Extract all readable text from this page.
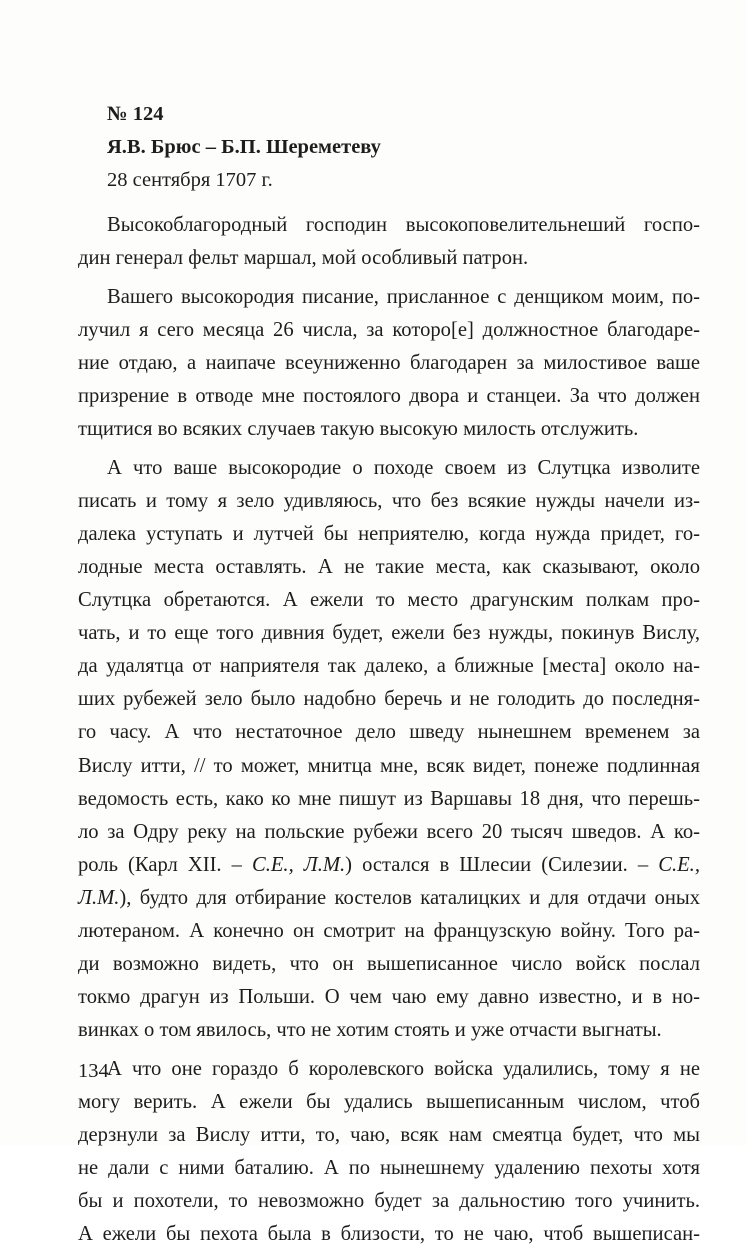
№ 124

Я.В. Брюс – Б.П. Шереметеву

28 сентября 1707 г.

Высокоблагородный господин высокоповелительнеший госпо-
дин генерал фельт маршал, мой особливый патрон.
Вашего высокородия писание, присланное с денщиком моим, по-
лучил я сего месяца 26 числа, за которо[е] должностное благодаре-
ние отдаю, а наипаче всеуниженно благодарен за милостивое ваше
призрение в отводе мне постоялого двора и станцеи. За что должен
тщитися во всяких случаев такую высокую милость отслужить.
А что ваше высокородие о походе своем из Слутцка изволите
писать и тому я зело удивляюсь, что без всякие нужды начели из-
далека уступать и лутчей бы неприятелю, когда нужда придет, го-
лодные места оставлять. А не такие места, как сказывают, около
Слутцка обретаются. А ежели то место драгунским полкам про-
чать, и то еще того дивния будет, ежели без нужды, покинув Вислу,
да удалятца от наприятеля так далеко, а ближные [места] около на-
ших рубежей зело было надобно беречь и не голодить до последня-
го часу. А что нестаточное дело шведу нынешнем временем за
Вислу итти, // то может, мнитца мне, всяк видет, понеже подлинная
ведомость есть, како ко мне пишут из Варшавы 18 дня, что перешь-
ло за Одру реку на польские рубежи всего 20 тысяч шведов. А ко-
роль (Карл XII. – С.Е., Л.М.) остался в Шлесии (Силезии. – С.Е.,
Л.М.), будто для отбирание костелов каталицких и для отдачи оных
лютераном. А конечно он смотрит на французскую войну. Того ра-
ди возможно видеть, что он вышеписанное число войск послал
токмо драгун из Польши. О чем чаю ему давно известно, и в но-
винках о том явилось, что не хотим стоять и уже отчасти выгнаты.
А что оне гораздо б королевского войска удалились, тому я не
могу верить. А ежели бы удались вышеписанным числом, чтоб
дерзнули за Вислу итти, то, чаю, всяк нам смеятца будет, что мы
не дали с ними баталию. А по нынешнему удалению пехоты хотя
бы и похотели, то невозможно будет за дальностию того учинить.
А ежели бы пехота была в близости, то не чаю, чтоб вышеписан-
134
